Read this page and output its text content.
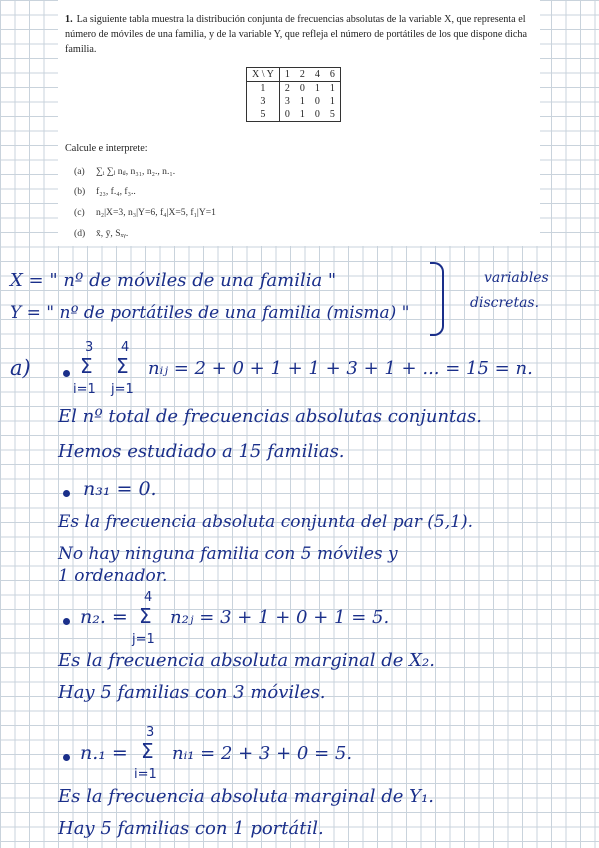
1. La siguiente tabla muestra la distribución conjunta de frecuencias absolutas de la variable X, que representa el número de móviles de una familia, y de la variable Y, que refleja el número de portátiles de los que dispone dicha familia.
X \ Y	1	2	4	6
1	2	0	1	1
3	3	1	0	1
5	0	1	0	5
Calcule e interprete:
(a) ∑ᵢ ∑ⱼ nᵢⱼ, n₃₁, n₂., n.₁.
(b) f₂₃, f.₄, f₃..
(c) n₂|X=3, n₃|Y=6, f₄|X=5, f₁|Y=1
(d) x̄, ȳ, Sₓᵧ.
X = " nº de móviles de una familia "
Y = " nº de portátiles de una familia (misma) "
variables
discretas.
a)
3
Σ
i=1
4
Σ
j=1
nᵢⱼ = 2 + 0 + 1 + 1 + 3 + 1 + ... = 15 = n.
El nº total de frecuencias absolutas conjuntas.
Hemos estudiado a 15 familias.
n₃₁ = 0.
Es la frecuencia absoluta conjunta del par (5,1).
No hay ninguna familia con 5 móviles y
1 ordenador.
n₂. =
4
Σ
j=1
n₂ⱼ = 3 + 1 + 0 + 1 = 5.
Es la frecuencia absoluta marginal de X₂.
Hay 5 familias con 3 móviles.
n.₁ =
3
Σ
i=1
nᵢ₁ = 2 + 3 + 0 = 5.
Es la frecuencia absoluta marginal de Y₁.
Hay 5 familias con 1 portátil.
